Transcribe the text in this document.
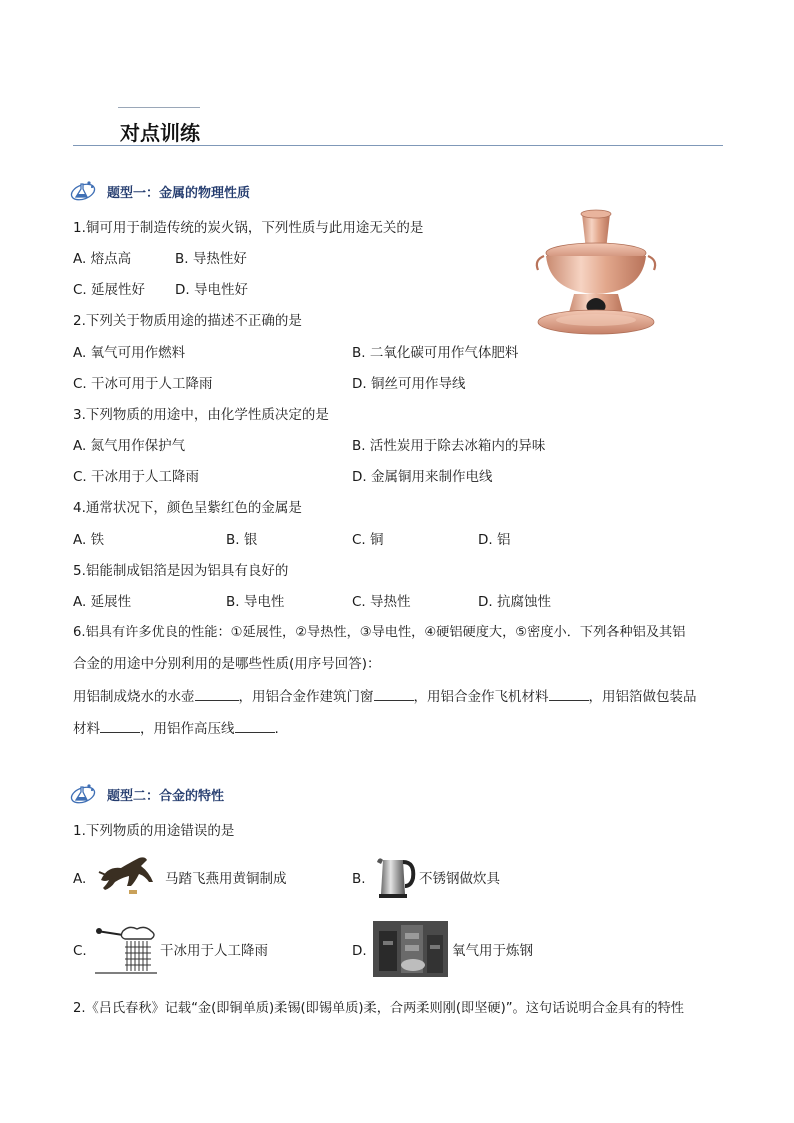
对点训练
题型一：金属的物理性质
1.铜可用于制造传统的炭火锅，下列性质与此用途无关的是
A. 熔点高	B. 导热性好
C. 延展性好 D. 导电性好
2.下列关于物质用途的描述不正确的是
A. 氧气可用作燃料	B. 二氧化碳可用作气体肥料
C. 干冰可用于人工降雨	D. 铜丝可用作导线
3.下列物质的用途中，由化学性质决定的是
A. 氮气用作保护气	B. 活性炭用于除去冰箱内的异味
C. 干冰用于人工降雨	D. 金属铜用来制作电线
4.通常状况下，颜色呈紫红色的金属是
A. 铁	B. 银	C. 铜	D. 铝
5.铝能制成铝箔是因为铝具有良好的
A. 延展性	B. 导电性	C. 导热性	D. 抗腐蚀性
6.铝具有许多优良的性能：①延展性，②导热性，③导电性，④硬铝硬度大，⑤密度小．下列各种铝及其铝
合金的用途中分别利用的是哪些性质(用序号回答)：
用铝制成烧水的水壶	，用铝合金作建筑门窗	，用铝合金作飞机材料	，用铝箔做包装品
材料	，用铝作高压线	.
题型二：合金的特性
1.下列物质的用途错误的是
A.	马踏飞燕用黄铜制成	B.	不锈钢做炊具
C.	干冰用于人工降雨	D.	氧气用于炼钢
2.《吕氏春秋》记载“金(即铜单质)柔锡(即锡单质)柔，合两柔则刚(即坚硬)”。这句话说明合金具有的特性
